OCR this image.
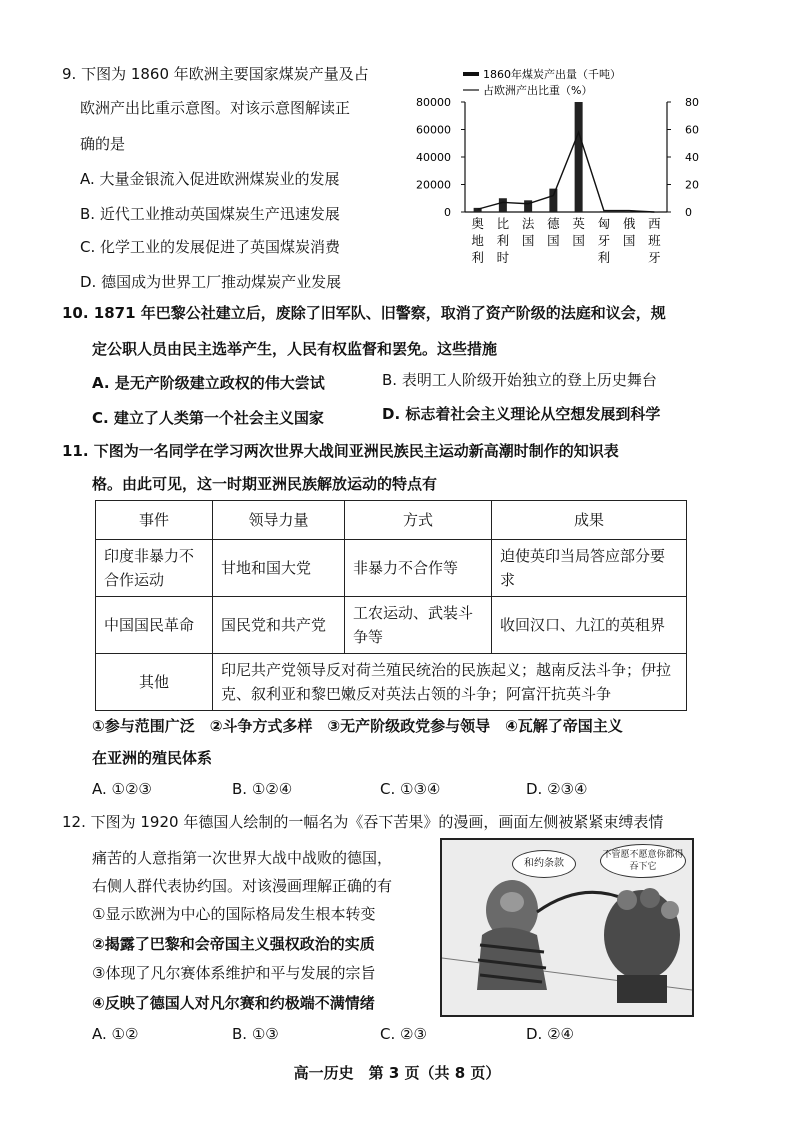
9. 下图为 1860 年欧洲主要国家煤炭产量及占
欧洲产出比重示意图。对该示意图解读正
确的是
A. 大量金银流入促进欧洲煤炭业的发展
B. 近代工业推动英国煤炭生产迅速发展
C. 化学工业的发展促进了英国煤炭消费
D. 德国成为世界工厂推动煤炭产业发展
1860年煤炭产出量（千吨）
占欧洲产出比重（%）
80000
60000
40000
20000
0
80
60
40
20
0
奥
地
利
比
利
时
法
国
德
国
英
国
匈
牙
利
俄
国
西
班
牙
10. 1871 年巴黎公社建立后，废除了旧军队、旧警察，取消了资产阶级的法庭和议会，规
定公职人员由民主选举产生，人民有权监督和罢免。这些措施
A. 是无产阶级建立政权的伟大尝试	B. 表明工人阶级开始独立的登上历史舞台
C. 建立了人类第一个社会主义国家	D. 标志着社会主义理论从空想发展到科学
11. 下图为一名同学在学习两次世界大战间亚洲民族民主运动新高潮时制作的知识表
格。由此可见，这一时期亚洲民族解放运动的特点有
事件	领导力量	方式	成果
印度非暴力不合作运动	甘地和国大党	非暴力不合作等	迫使英印当局答应部分要求
中国国民革命	国民党和共产党	工农运动、武装斗争等	收回汉口、九江的英租界
其他	印尼共产党领导反对荷兰殖民统治的民族起义；越南反法斗争；伊拉克、叙利亚和黎巴嫩反对英法占领的斗争；阿富汗抗英斗争		
①参与范围广泛　②斗争方式多样　③无产阶级政党参与领导　④瓦解了帝国主义
在亚洲的殖民体系
A. ①②③	B. ①②④	C. ①③④	D. ②③④
12. 下图为 1920 年德国人绘制的一幅名为《吞下苦果》的漫画，画面左侧被紧紧束缚表情
痛苦的人意指第一次世界大战中战败的德国，
右侧人群代表协约国。对该漫画理解正确的有
①显示欧洲为中心的国际格局发生根本转变
②揭露了巴黎和会帝国主义强权政治的实质
③体现了凡尔赛体系维护和平与发展的宗旨
④反映了德国人对凡尔赛和约极端不满情绪
A. ①②	B. ①③	C. ②③	D. ②④
和约条款
不管愿不愿意你都得吞下它
高一历史　第 3 页（共 8 页）
